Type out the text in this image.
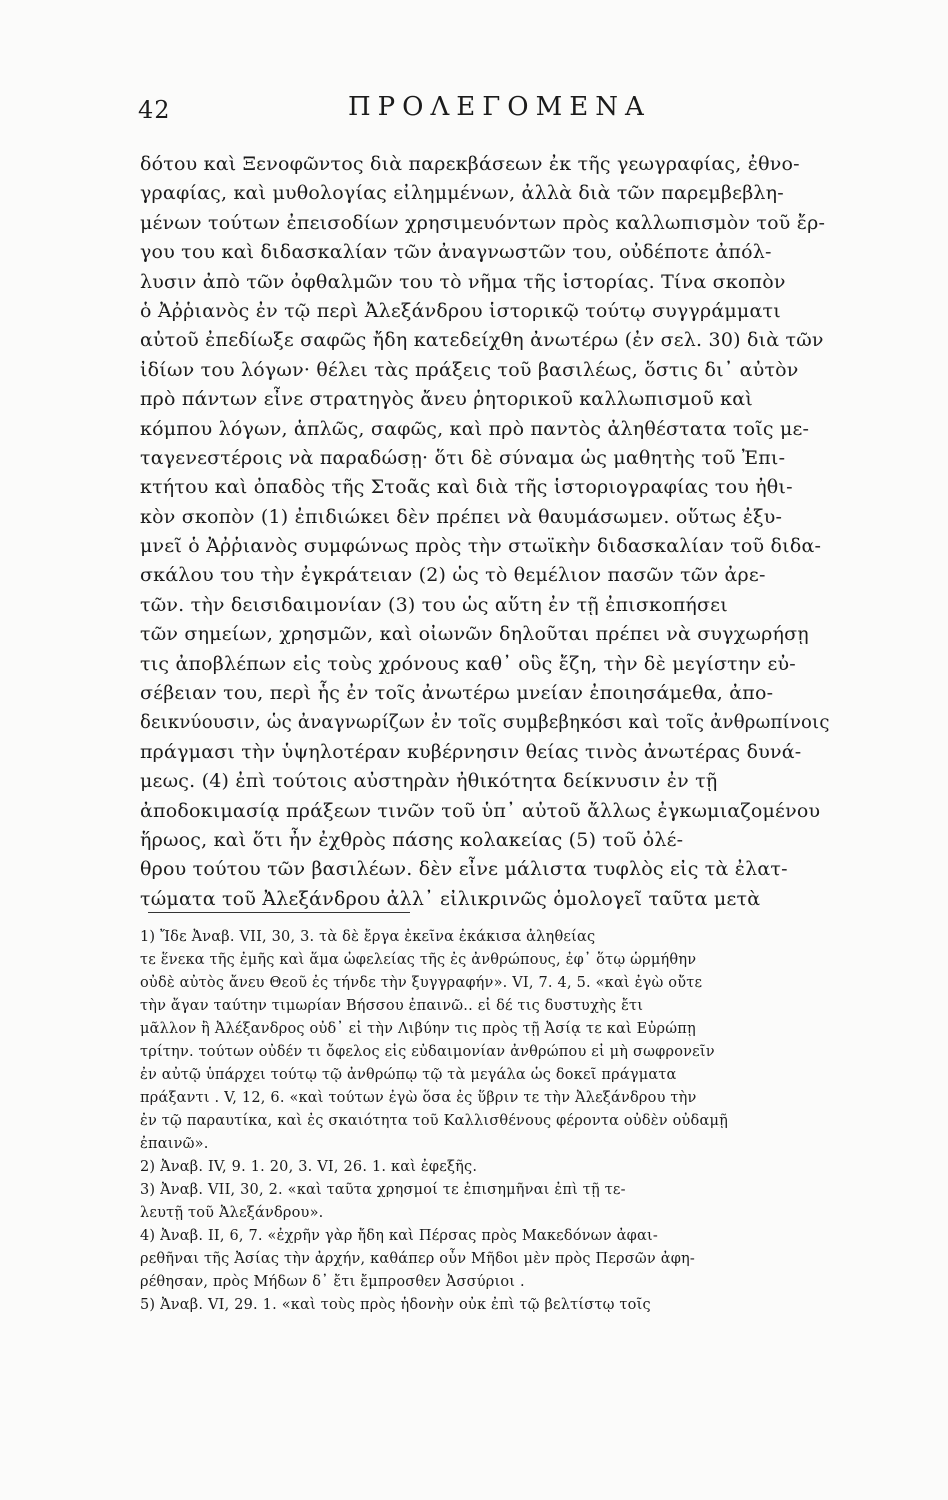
42	ΠΡΟΛΕΓΟΜΕΝΑ
δότου καὶ Ξενοφῶντος διὰ παρεκβάσεων ἐκ τῆς γεωγραφίας, ἐθνο-
γραφίας, καὶ μυθολογίας εἰλημμένων, ἀλλὰ διὰ τῶν παρεμβεβλη-
μένων τούτων ἐπεισοδίων χρησιμευόντων πρὸς καλλωπισμὸν τοῦ ἔρ-
γου του καὶ διδασκαλίαν τῶν ἀναγνωστῶν του, οὐδέποτε ἀπόλ-
λυσιν ἀπὸ τῶν ὀφθαλμῶν του τὸ νῆμα τῆς ἱστορίας. Τίνα σκοπὸν
ὁ Ἀῤῥιανὸς ἐν τῷ περὶ Ἀλεξάνδρου ἱστορικῷ τούτῳ συγγράμματι
αὐτοῦ ἐπεδίωξε σαφῶς ἤδη κατεδείχθη ἀνωτέρω (ἐν σελ. 30) διὰ τῶν
ἰδίων του λόγων· θέλει τὰς πράξεις τοῦ βασιλέως, ὅστις δι᾽ αὐτὸν
πρὸ πάντων εἶνε στρατηγὸς ἄνευ ῥητορικοῦ καλλωπισμοῦ καὶ
κόμπου λόγων, ἁπλῶς, σαφῶς, καὶ πρὸ παντὸς ἀληθέστατα τοῖς με-
ταγενεστέροις νὰ παραδώσῃ· ὅτι δὲ σύναμα ὡς μαθητὴς τοῦ Ἐπι-
κτήτου καὶ ὀπαδὸς τῆς Στοᾶς καὶ διὰ τῆς ἱστοριογραφίας του ἠθι-
κὸν σκοπὸν (1) ἐπιδιώκει δὲν πρέπει νὰ θαυμάσωμεν. οὕτως ἐξυ-
μνεῖ ὁ Ἀῤῥιανὸς συμφώνως πρὸς τὴν στωϊκὴν διδασκαλίαν τοῦ διδα-
σκάλου του τὴν ἐγκράτειαν (2) ὡς τὸ θεμέλιον πασῶν τῶν ἀρε-
τῶν. τὴν δεισιδαιμονίαν (3) του ὡς αὕτη ἐν τῇ ἐπισκοπήσει
τῶν σημείων, χρησμῶν, καὶ οἰωνῶν δηλοῦται πρέπει νὰ συγχωρήσῃ
τις ἀποβλέπων εἰς τοὺς χρόνους καθ᾽ οὓς ἔζη, τὴν δὲ μεγίστην εὐ-
σέβειαν του, περὶ ἧς ἐν τοῖς ἀνωτέρω μνείαν ἐποιησάμεθα, ἀπο-
δεικνύουσιν, ὡς ἀναγνωρίζων ἐν τοῖς συμβεβηκόσι καὶ τοῖς ἀνθρωπίνοις
πράγμασι τὴν ὑψηλοτέραν κυβέρνησιν θείας τινὸς ἀνωτέρας δυνά-
μεως. (4) ἐπὶ τούτοις αὐστηρὰν ἠθικότητα δείκνυσιν ἐν τῇ
ἀποδοκιμασίᾳ πράξεων τινῶν τοῦ ὑπ᾽ αὐτοῦ ἄλλως ἐγκωμιαζομένου
ἥρωος, καὶ ὅτι ἦν ἐχθρὸς πάσης κολακείας (5) τοῦ ὀλέ-
θρου τούτου τῶν βασιλέων. δὲν εἶνε μάλιστα τυφλὸς εἰς τὰ ἐλατ-
τώματα τοῦ Ἀλεξάνδρου ἀλλ᾽ εἰλικρινῶς ὁμολογεῖ ταῦτα μετὰ
1) Ἴδε Ἀναβ. VII, 30, 3. τὰ δὲ ἔργα ἐκεῖνα ἐκάκισα ἀληθείας
τε ἕνεκα τῆς ἐμῆς καὶ ἅμα ὠφελείας τῆς ἐς ἀνθρώπους, ἐφ᾽ ὅτῳ ὡρμήθην
οὐδὲ αὐτὸς ἄνευ Θεοῦ ἐς τήνδε τὴν ξυγγραφήν». VI, 7. 4, 5. «καὶ ἐγὼ οὔτε
τὴν ἄγαν ταύτην τιμωρίαν Βήσσου ἐπαινῶ.. εἰ δέ τις δυστυχὴς ἔτι
μᾶλλον ἢ Ἀλέξανδρος οὐδ᾽ εἰ τὴν Λιβύην τις πρὸς τῇ Ἀσίᾳ τε καὶ Εὐρώπῃ
τρίτην. τούτων οὐδέν τι ὄφελος εἰς εὐδαιμονίαν ἀνθρώπου εἰ μὴ σωφρονεῖν
ἐν αὐτῷ ὑπάρχει τούτῳ τῷ ἀνθρώπῳ τῷ τὰ μεγάλα ὡς δοκεῖ πράγματα
πράξαντι . V, 12, 6. «καὶ τούτων ἐγὼ ὅσα ἐς ὕβριν τε τὴν Ἀλεξάνδρου τὴν
ἐν τῷ παραυτίκα, καὶ ἐς σκαιότητα τοῦ Καλλισθένους φέροντα οὐδὲν οὐδαμῇ
ἐπαινῶ».
2) Ἀναβ. IV, 9. 1. 20, 3. VI, 26. 1. καὶ ἐφεξῆς.
3) Ἀναβ. VII, 30, 2. «καὶ ταῦτα χρησμοί τε ἐπισημῆναι ἐπὶ τῇ τε-
λευτῇ τοῦ Ἀλεξάνδρου».
4) Ἀναβ. II, 6, 7. «ἐχρῆν γὰρ ἤδη καὶ Πέρσας πρὸς Μακεδόνων ἀφαι-
ρεθῆναι τῆς Ἀσίας τὴν ἀρχήν, καθάπερ οὖν Μῆδοι μὲν πρὸς Περσῶν ἀφη-
ρέθησαν, πρὸς Μήδων δ᾽ ἔτι ἔμπροσθεν Ἀσσύριοι .
5) Ἀναβ. VI, 29. 1. «καὶ τοὺς πρὸς ἡδονὴν οὐκ ἐπὶ τῷ βελτίστῳ τοῖς
